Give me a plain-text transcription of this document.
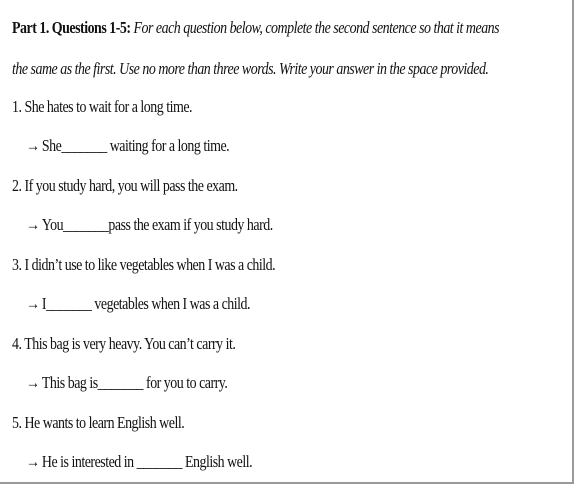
Part 1. Questions 1-5: For each question below, complete the second sentence so that it means
the same as the first. Use no more than three words. Write your answer in the space provided.
1. She hates to wait for a long time.
→ She_______ waiting for a long time.
2. If you study hard, you will pass the exam.
→ You_______pass the exam if you study hard.
3. I didn’t use to like vegetables when I was a child.
→ I_______ vegetables when I was a child.
4. This bag is very heavy. You can’t carry it.
→ This bag is_______ for you to carry.
5. He wants to learn English well.
→ He is interested in _______ English well.
